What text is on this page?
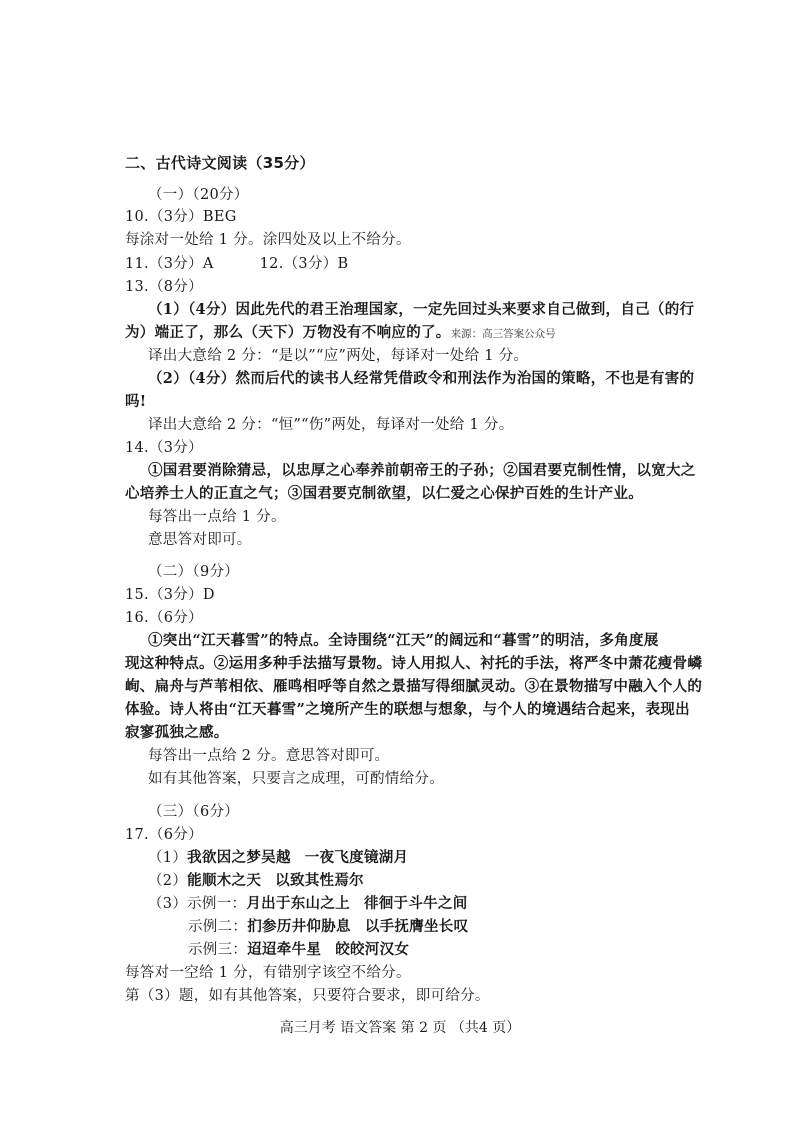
二、古代诗文阅读（35分）
（一）（20分）
10.（3分）BEG
每涂对一处给 1 分。涂四处及以上不给分。
11.（3分）A	12.（3分）B
13.（8分）
（1）（4分）因此先代的君王治理国家，一定先回过头来要求自己做到，自己（的行
为）端正了，那么（天下）万物没有不响应的了。来源：高三答案公众号
译出大意给 2 分：“是以”“应”两处，每译对一处给 1 分。
（2）（4分）然而后代的读书人经常凭借政令和刑法作为治国的策略，不也是有害的
吗!
译出大意给 2 分：“恒”“伤”两处，每译对一处给 1 分。
14.（3分）
①国君要消除猜忌，以忠厚之心奉养前朝帝王的子孙；②国君要克制性情，以宽大之
心培养士人的正直之气；③国君要克制欲望，以仁爱之心保护百姓的生计产业。
每答出一点给 1 分。
意思答对即可。
（二）（9分）
15.（3分）D
16.（6分）
①突出“江天暮雪”的特点。全诗围绕“江天”的阔远和“暮雪”的明洁，多角度展
现这种特点。②运用多种手法描写景物。诗人用拟人、衬托的手法，将严冬中萧花瘦骨嶙
峋、扁舟与芦苇相依、雁鸣相呼等自然之景描写得细腻灵动。③在景物描写中融入个人的
体验。诗人将由“江天暮雪”之境所产生的联想与想象，与个人的境遇结合起来，表现出
寂寥孤独之感。
每答出一点给 2 分。意思答对即可。
如有其他答案，只要言之成理，可酌情给分。
（三）（6分）
17.（6分）
（1）我欲因之梦吴越 一夜飞度镜湖月
（2）能顺木之天 以致其性焉尔
（3）示例一：月出于东山之上 徘徊于斗牛之间
示例二：扪参历井仰胁息 以手抚膺坐长叹
示例三：迢迢牵牛星 皎皎河汉女
每答对一空给 1 分，有错别字该空不给分。
第（3）题，如有其他答案，只要符合要求，即可给分。
高三月考 语文答案 第 2 页 （共4 页）
